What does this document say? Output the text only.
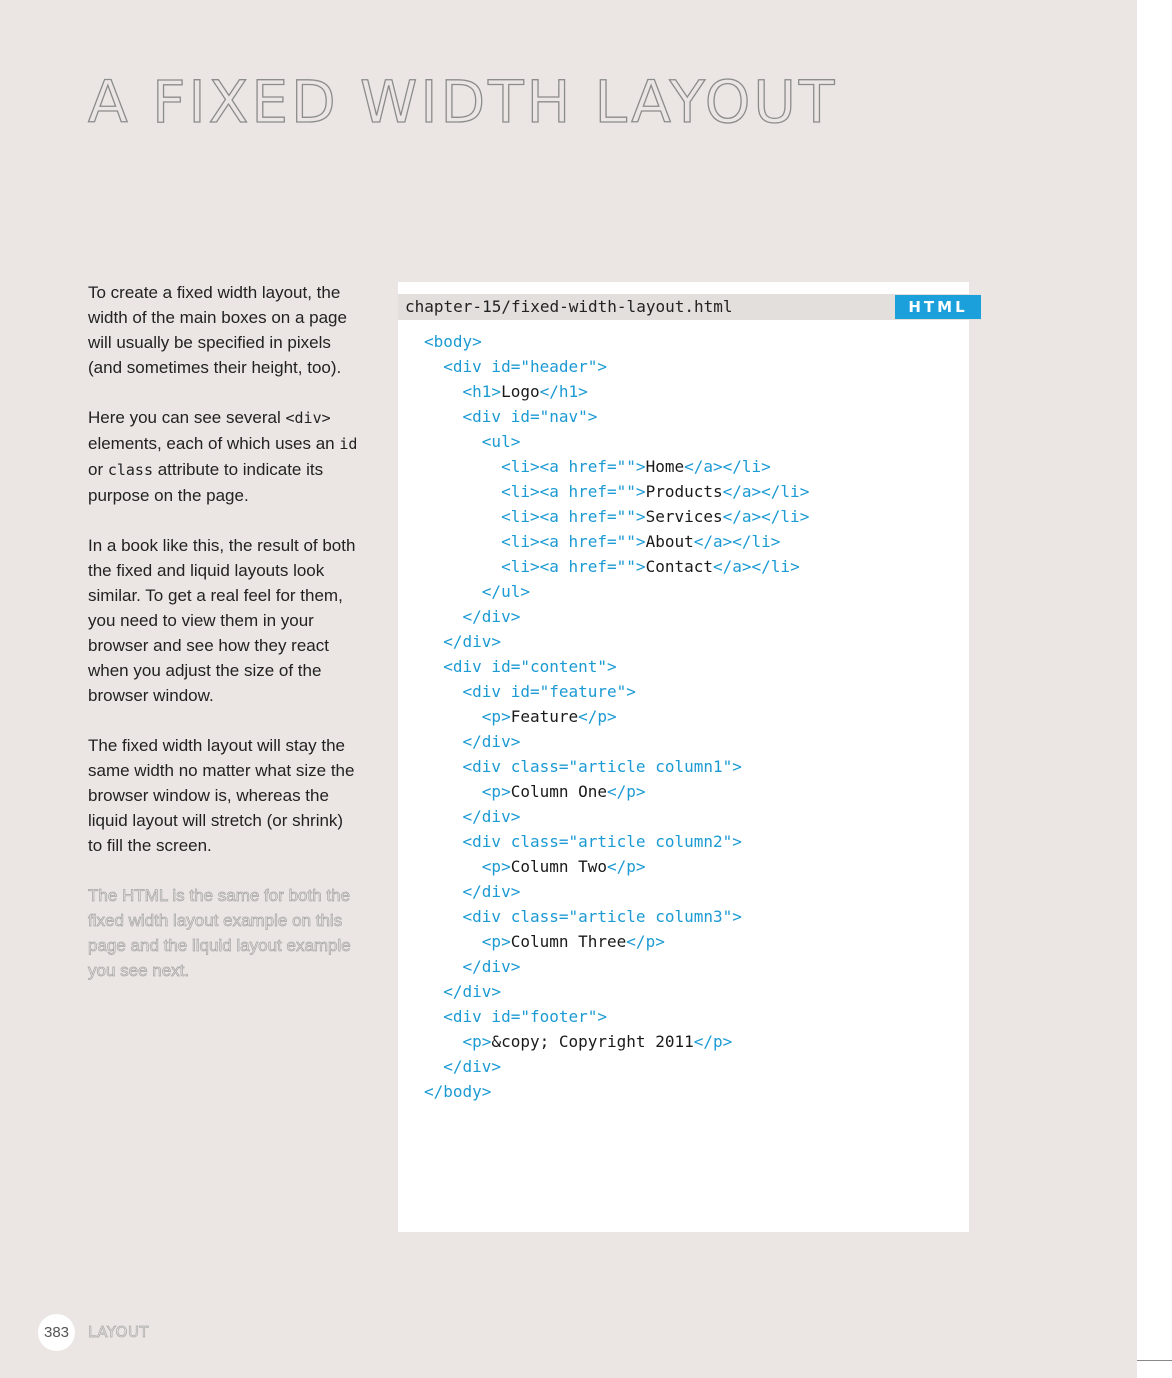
A FIXED WIDTH LAYOUT

To create a fixed width layout, the width of the main boxes on a page will usually be specified in pixels (and sometimes their height, too).

Here you can see several <div> elements, each of which uses an id or class attribute to indicate its purpose on the page.

In a book like this, the result of both the fixed and liquid layouts look similar. To get a real feel for them, you need to view them in your browser and see how they react when you adjust the size of the browser window.

The fixed width layout will stay the same width no matter what size the browser window is, whereas the liquid layout will stretch (or shrink) to fill the screen.

The HTML is the same for both the fixed width layout example on this page and the liquid layout example you see next.

chapter-15/fixed-width-layout.html	HTML
<body>
<div id="header">
<h1>Logo</h1>
<div id="nav">
<ul>
<li><a href="">Home</a></li>
<li><a href="">Products</a></li>
<li><a href="">Services</a></li>
<li><a href="">About</a></li>
<li><a href="">Contact</a></li>
</ul>
</div>
</div>
<div id="content">
<div id="feature">
<p>Feature</p>
</div>
<div class="article column1">
<p>Column One</p>
</div>
<div class="article column2">
<p>Column Two</p>
</div>
<div class="article column3">
<p>Column Three</p>
</div>
</div>
<div id="footer">
<p>&copy; Copyright 2011</p>
</div>
</body>
383	LAYOUT
